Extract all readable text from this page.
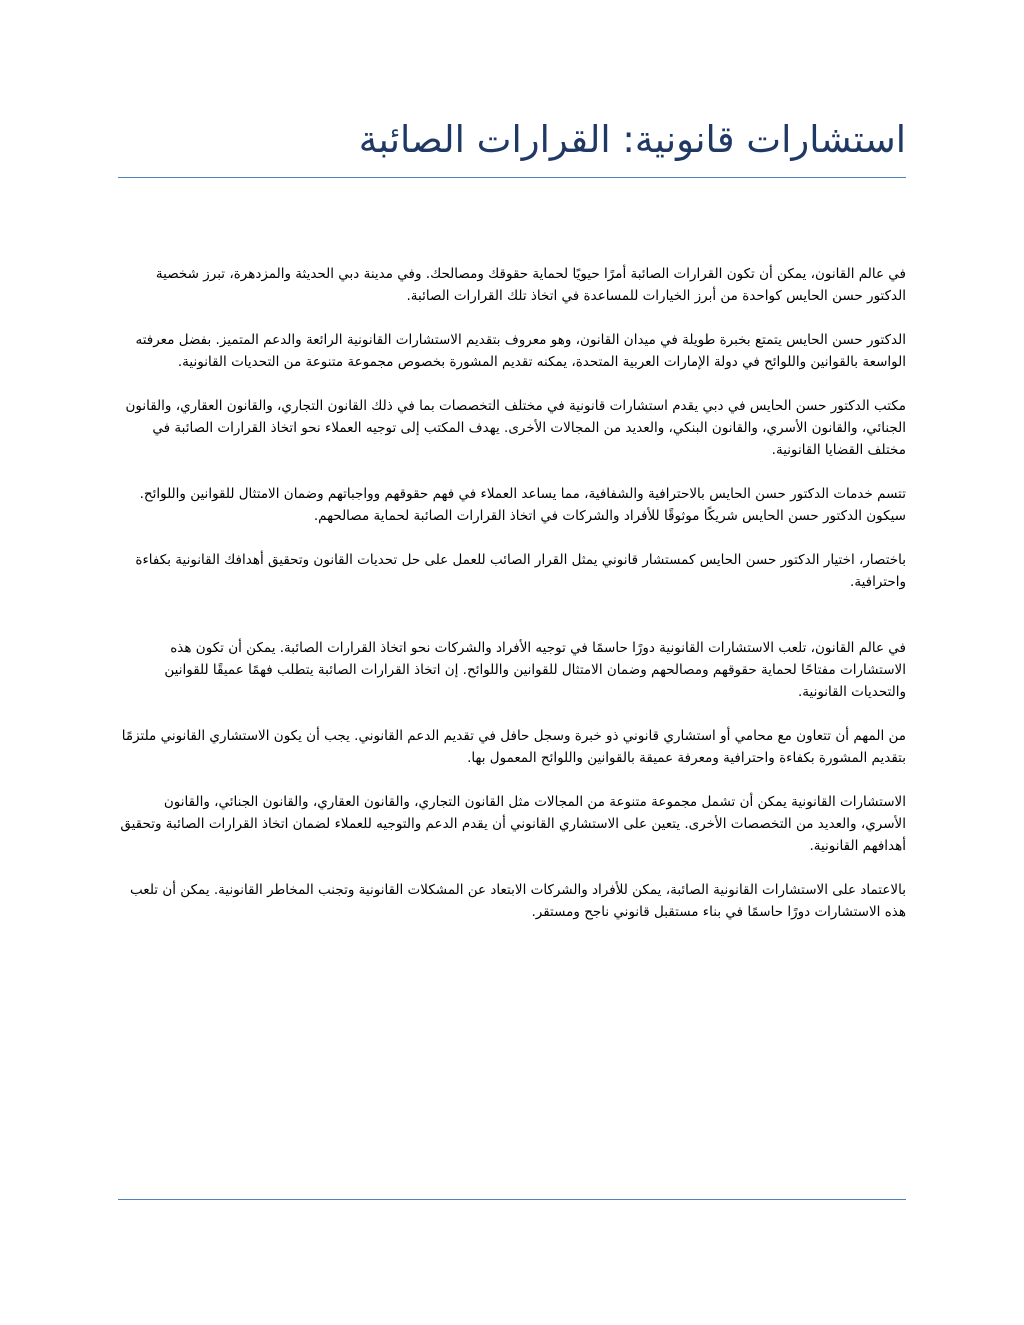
استشارات قانونية: القرارات الصائبة

في عالم القانون، يمكن أن تكون القرارات الصائبة أمرًا حيويًا لحماية حقوقك ومصالحك. وفي مدينة دبي الحديثة والمزدهرة، تبرز شخصية الدكتور حسن الحايس كواحدة من أبرز الخيارات للمساعدة في اتخاذ تلك القرارات الصائبة.

الدكتور حسن الحايس يتمتع بخبرة طويلة في ميدان القانون، وهو معروف بتقديم الاستشارات القانونية الرائعة والدعم المتميز. بفضل معرفته الواسعة بالقوانين واللوائح في دولة الإمارات العربية المتحدة، يمكنه تقديم المشورة بخصوص مجموعة متنوعة من التحديات القانونية.

مكتب الدكتور حسن الحايس في دبي يقدم استشارات قانونية في مختلف التخصصات بما في ذلك القانون التجاري، والقانون العقاري، والقانون الجنائي، والقانون الأسري، والقانون البنكي، والعديد من المجالات الأخرى. يهدف المكتب إلى توجيه العملاء نحو اتخاذ القرارات الصائبة في مختلف القضايا القانونية.

تتسم خدمات الدكتور حسن الحايس بالاحترافية والشفافية، مما يساعد العملاء في فهم حقوقهم وواجباتهم وضمان الامتثال للقوانين واللوائح. سيكون الدكتور حسن الحايس شريكًا موثوقًا للأفراد والشركات في اتخاذ القرارات الصائبة لحماية مصالحهم.

باختصار، اختيار الدكتور حسن الحايس كمستشار قانوني يمثل القرار الصائب للعمل على حل تحديات القانون وتحقيق أهدافك القانونية بكفاءة واحترافية.

في عالم القانون، تلعب الاستشارات القانونية دورًا حاسمًا في توجيه الأفراد والشركات نحو اتخاذ القرارات الصائبة. يمكن أن تكون هذه الاستشارات مفتاحًا لحماية حقوقهم ومصالحهم وضمان الامتثال للقوانين واللوائح. إن اتخاذ القرارات الصائبة يتطلب فهمًا عميقًا للقوانين والتحديات القانونية.

من المهم أن تتعاون مع محامي أو استشاري قانوني ذو خبرة وسجل حافل في تقديم الدعم القانوني. يجب أن يكون الاستشاري القانوني ملتزمًا بتقديم المشورة بكفاءة واحترافية ومعرفة عميقة بالقوانين واللوائح المعمول بها.

الاستشارات القانونية يمكن أن تشمل مجموعة متنوعة من المجالات مثل القانون التجاري، والقانون العقاري، والقانون الجنائي، والقانون الأسري، والعديد من التخصصات الأخرى. يتعين على الاستشاري القانوني أن يقدم الدعم والتوجيه للعملاء لضمان اتخاذ القرارات الصائبة وتحقيق أهدافهم القانونية.

بالاعتماد على الاستشارات القانونية الصائبة، يمكن للأفراد والشركات الابتعاد عن المشكلات القانونية وتجنب المخاطر القانونية. يمكن أن تلعب هذه الاستشارات دورًا حاسمًا في بناء مستقبل قانوني ناجح ومستقر.
